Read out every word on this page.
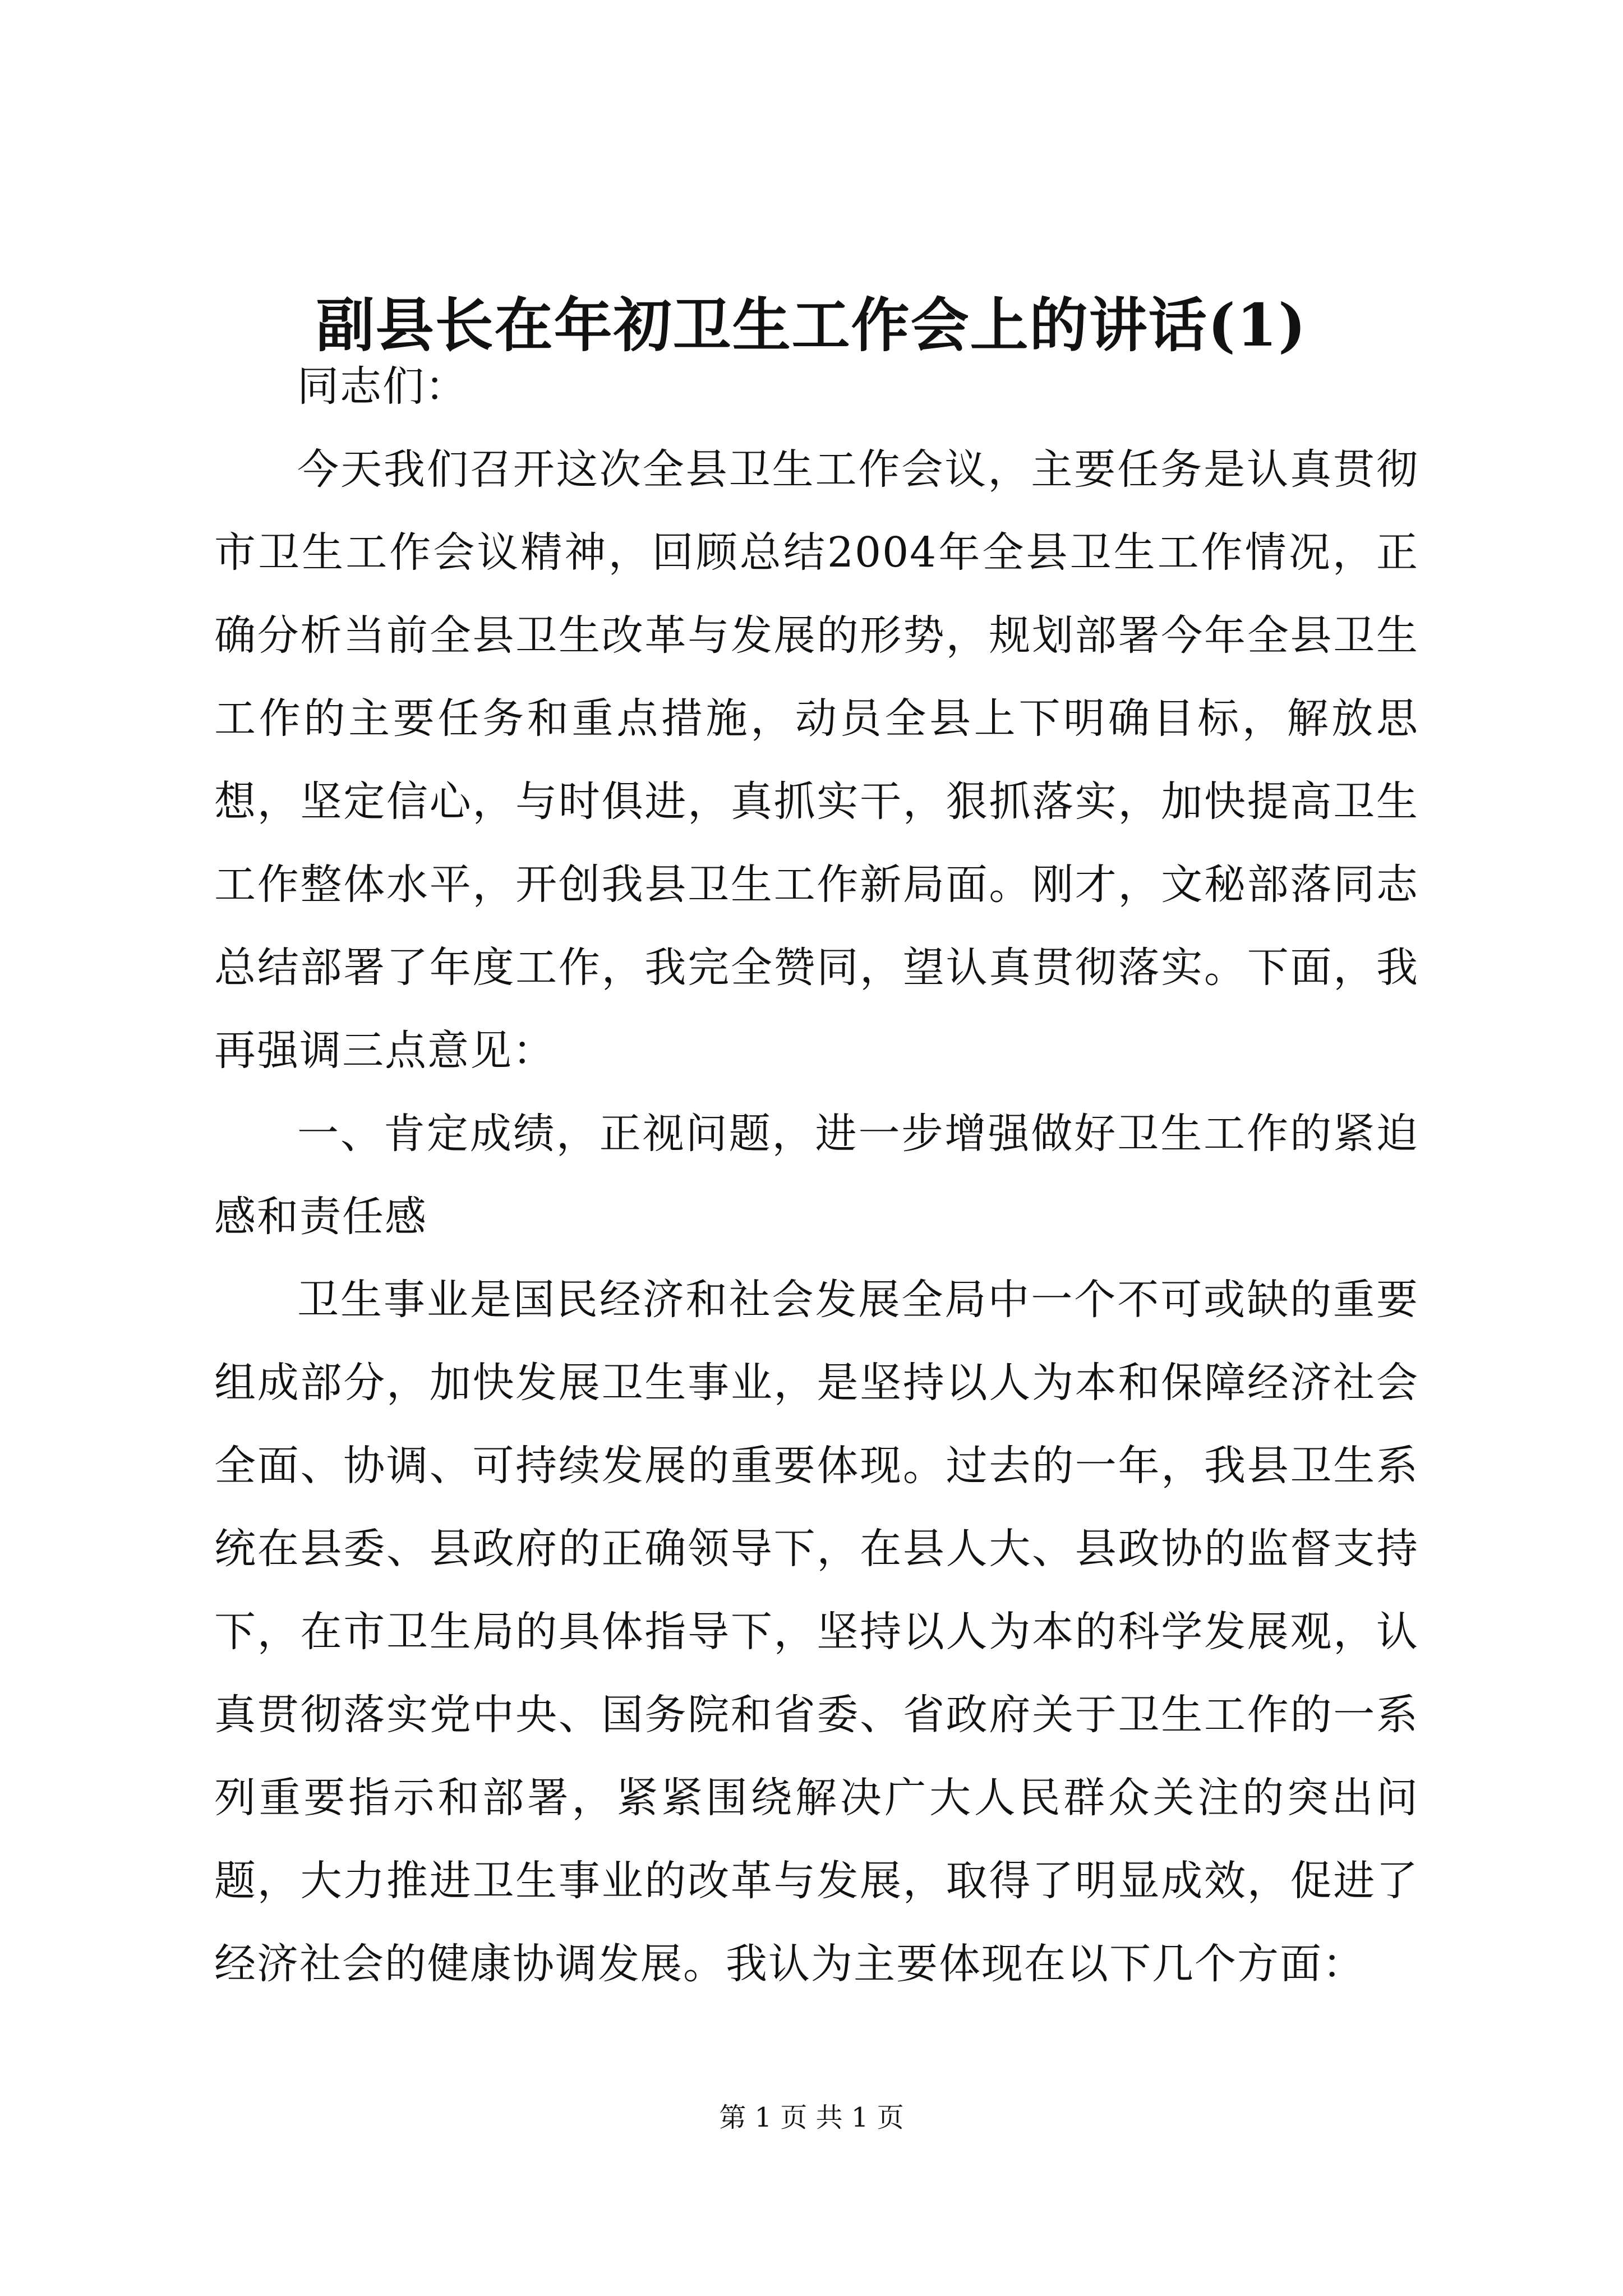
副县长在年初卫生工作会上的讲话(1)

同志们：

今天我们召开这次全县卫生工作会议，主要任务是认真贯彻市卫生工作会议精神，回顾总结2004年全县卫生工作情况，正确分析当前全县卫生改革与发展的形势，规划部署今年全县卫生工作的主要任务和重点措施，动员全县上下明确目标，解放思想，坚定信心，与时俱进，真抓实干，狠抓落实，加快提高卫生工作整体水平，开创我县卫生工作新局面。刚才，文秘部落同志总结部署了年度工作，我完全赞同，望认真贯彻落实。下面，我再强调三点意见：

一、肯定成绩，正视问题，进一步增强做好卫生工作的紧迫感和责任感

卫生事业是国民经济和社会发展全局中一个不可或缺的重要组成部分，加快发展卫生事业，是坚持以人为本和保障经济社会全面、协调、可持续发展的重要体现。过去的一年，我县卫生系统在县委、县政府的正确领导下，在县人大、县政协的监督支持下，在市卫生局的具体指导下，坚持以人为本的科学发展观，认真贯彻落实党中央、国务院和省委、省政府关于卫生工作的一系列重要指示和部署，紧紧围绕解决广大人民群众关注的突出问题，大力推进卫生事业的改革与发展，取得了明显成效，促进了经济社会的健康协调发展。我认为主要体现在以下几个方面：

第 1 页 共 1 页
